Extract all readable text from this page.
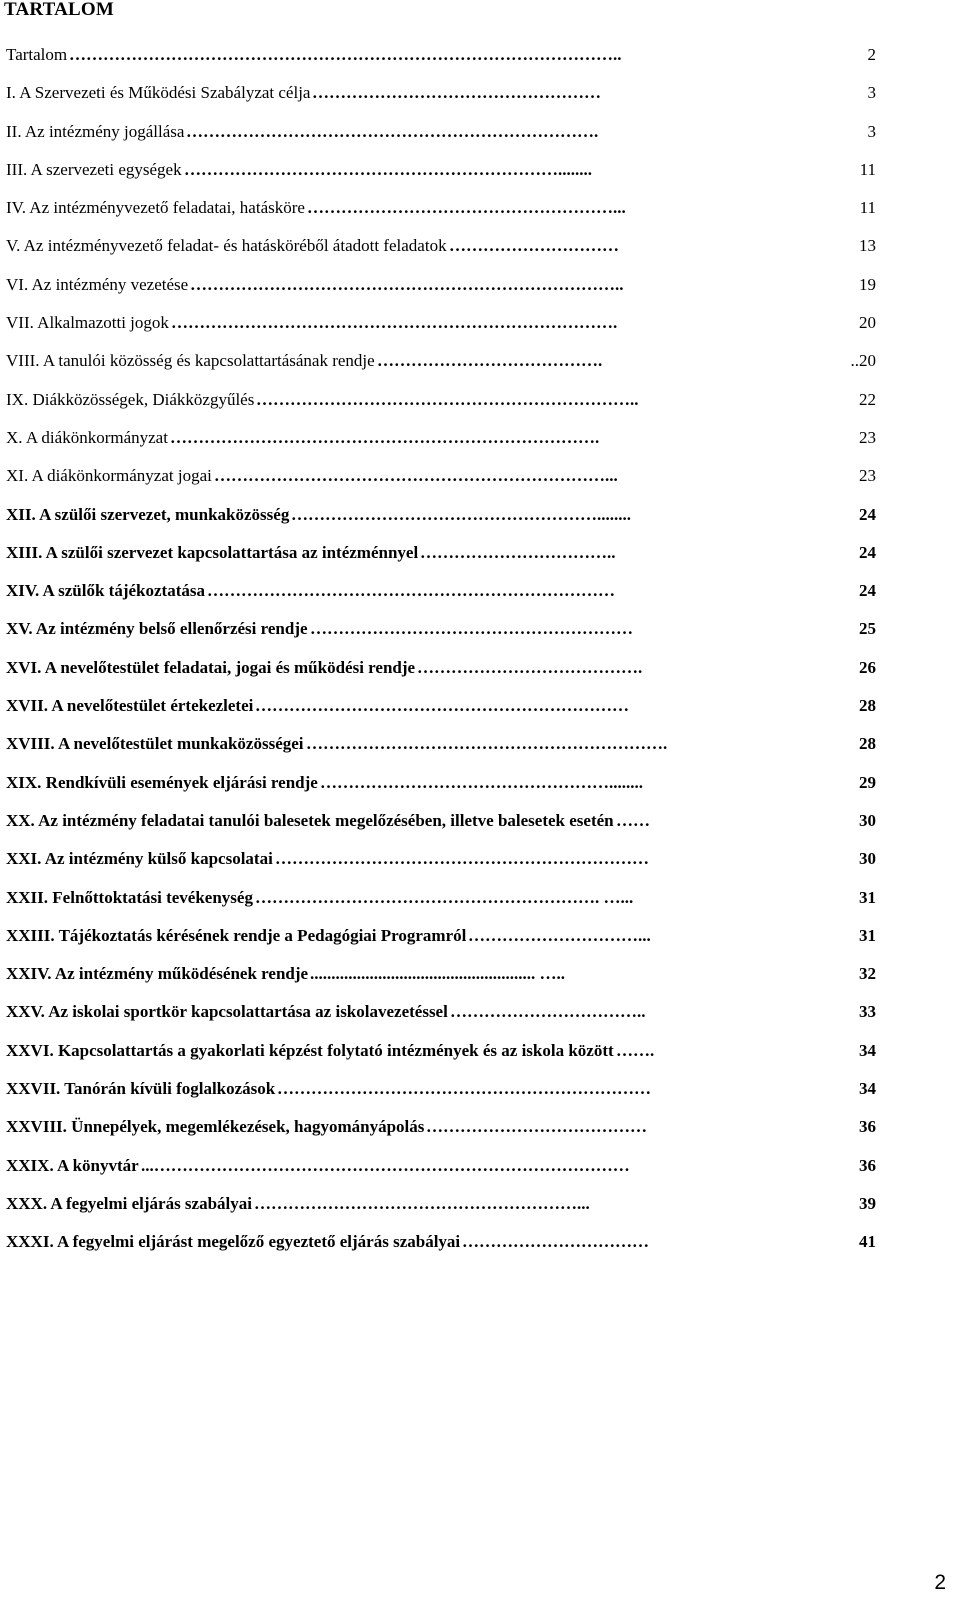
TARTALOM
Tartalom ……………………………………………………………………………………..	2
I. A Szervezeti és Működési Szabályzat célja ……………………………………………	3
II. Az intézmény jogállása ……………………………………………………………….	3
III. A szervezeti egységek …………………………………………………………........	11
IV. Az intézményvezető feladatai, hatásköre ………………………………………………...	11
V. Az intézményvezető feladat- és hatásköréből átadott feladatok …………………………	13
VI. Az intézmény vezetése …………………………………………………………………..	19
VII. Alkalmazotti jogok …………………………………………………………………….	20
VIII. A tanulói közösség és kapcsolattartásának rendje ………………………………….	..20
IX. Diákközösségek, Diákközgyűlés …………………………………………………………..	22
X. A diákönkormányzat ………………………………………………………………….	23
XI. A diákönkormányzat jogai ……………………………………………………………...	23
XII. A szülői szervezet, munkaközösség ………………………………………………........	24
XIII. A szülői szervezet kapcsolattartása az intézménnyel ……………………………..	24
XIV. A szülők tájékoztatása ………………………………………………………………	24
XV. Az intézmény belső ellenőrzési rendje …………………………………………………	25
XVI. A nevelőtestület feladatai, jogai és működési rendje ………………………………….	26
XVII. A nevelőtestület értekezletei …………………………………………………………	28
XVIII. A nevelőtestület munkaközösségei ……………………………………………………….	28
XIX. Rendkívüli események eljárási rendje ……………………………………………........	29
XX. Az intézmény feladatai tanulói balesetek megelőzésében, illetve balesetek esetén ……	30
XXI. Az intézmény külső kapcsolatai …………………………………………………………	30
XXII. Felnőttoktatási tevékenység ……………………………………………………. …...	31
XXIII. Tájékoztatás kérésének rendje a Pedagógiai Programról …………………………...	31
XXIV. Az intézmény működésének rendje ..................................................... …..	32
XXV. Az iskolai sportkör kapcsolattartása az iskolavezetéssel ……………………………..	33
XXVI. Kapcsolattartás a gyakorlati képzést folytató intézmények és az iskola között …….	34
XXVII. Tanórán kívüli foglalkozások …………………………………………………………	34
XXVIII. Ünnepélyek, megemlékezések, hagyományápolás …………………………………	36
XXIX. A könyvtár ...…………………………………………………………………………	36
XXX. A fegyelmi eljárás szabályai …………………………………………………...	39
XXXI. A fegyelmi eljárást megelőző egyeztető eljárás szabályai ……………………………	41
2
